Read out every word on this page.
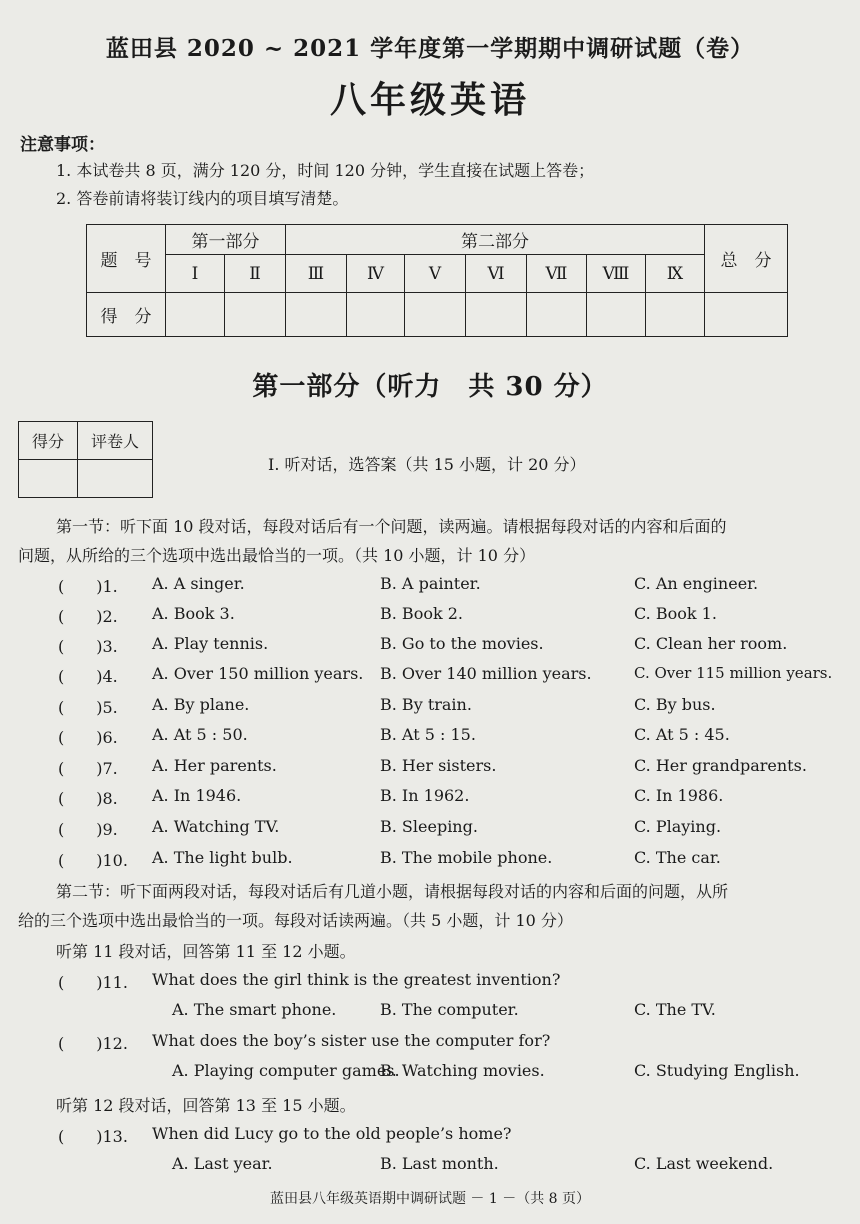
蓝田县 2020 ~ 2021 学年度第一学期期中调研试题（卷）
八年级英语
注意事项：
1. 本试卷共 8 页，满分 120 分，时间 120 分钟，学生直接在试题上答卷；
2. 答卷前请将装订线内的项目填写清楚。
题　号	第一部分		第二部分							总　分
	Ⅰ	Ⅱ	Ⅲ	Ⅳ	Ⅴ	Ⅵ	Ⅶ	Ⅷ	Ⅸ	
得　分										
第一部分（听力　共 30 分）
得分	评卷人

Ⅰ. 听对话，选答案（共 15 小题，计 20 分）
第一节：听下面 10 段对话，每段对话后有一个问题，读两遍。请根据每段对话的内容和后面的
问题，从所给的三个选项中选出最恰当的一项。（共 10 小题，计 10 分）
(　　)1. A. A singer.	B. A painter.	C. An engineer.
(　　)2. A. Book 3.	B. Book 2.	C. Book 1.
(　　)3. A. Play tennis.	B. Go to the movies.	C. Clean her room.
(　　)4. A. Over 150 million years. B. Over 140 million years.	C. Over 115 million years.
(　　)5. A. By plane.	B. By train.	C. By bus.
(　　)6. A. At 5 : 50.	B. At 5 : 15.	C. At 5 : 45.
(　　)7. A. Her parents.	B. Her sisters.	C. Her grandparents.
(　　)8. A. In 1946.	B. In 1962.	C. In 1986.
(　　)9. A. Watching TV.	B. Sleeping.	C. Playing.
(　　)10. A. The light bulb.	B. The mobile phone.	C. The car.
第二节：听下面两段对话，每段对话后有几道小题，请根据每段对话的内容和后面的问题，从所
给的三个选项中选出最恰当的一项。每段对话读两遍。（共 5 小题，计 10 分）
听第 11 段对话，回答第 11 至 12 小题。
(　　)11. What does the girl think is the greatest invention?
A. The smart phone.	B. The computer.	C. The TV.
(　　)12. What does the boy’s sister use the computer for?
A. Playing computer games.
B. Watching movies.	C. Studying English.
听第 12 段对话，回答第 13 至 15 小题。
(　　)13. When did Lucy go to the old people’s home?
A. Last year.	B. Last month.	C. Last weekend.
蓝田县八年级英语期中调研试题 － 1 －（共 8 页）
